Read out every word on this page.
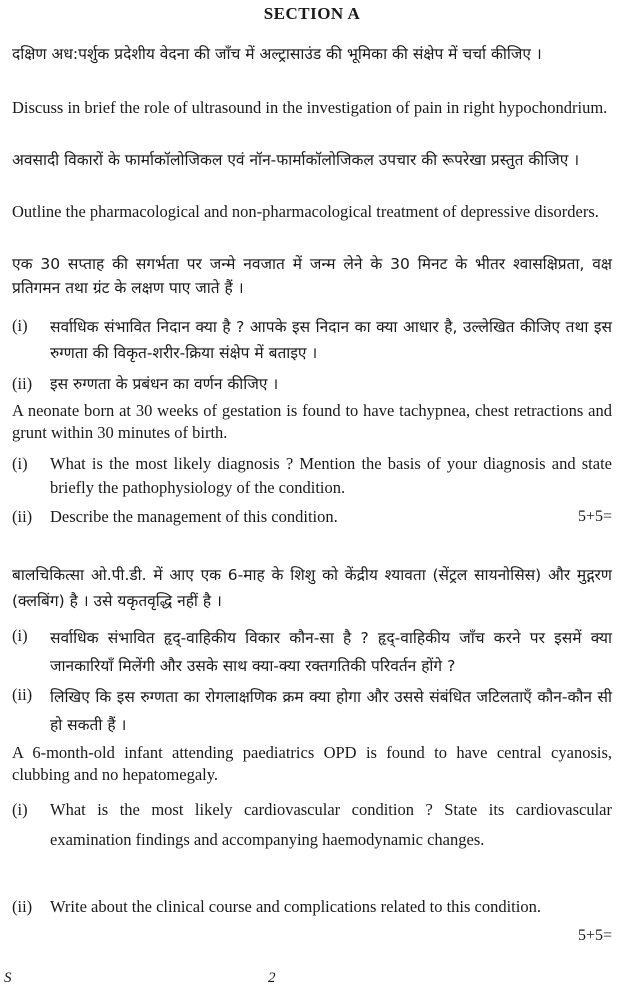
SECTION A
दक्षिण अध:पर्शुक प्रदेशीय वेदना की जाँच में अल्ट्रासाउंड की भूमिका की संक्षेप में चर्चा कीजिए ।
Discuss in brief the role of ultrasound in the investigation of pain in right hypochondrium.
अवसादी विकारों के फार्माकॉलोजिकल एवं नॉन-फार्माकॉलोजिकल उपचार की रूपरेखा प्रस्तुत कीजिए ।
Outline the pharmacological and non-pharmacological treatment of depressive disorders.
एक 30 सप्ताह की सगर्भता पर जन्मे नवजात में जन्म लेने के 30 मिनट के भीतर श्वासक्षिप्रता, वक्ष प्रतिगमन तथा ग्रंट के लक्षण पाए जाते हैं ।
(i)	सर्वाधिक संभावित निदान क्या है ? आपके इस निदान का क्या आधार है, उल्लेखित कीजिए तथा इस रुग्णता की विकृत-शरीर-क्रिया संक्षेप में बताइए ।
(ii)	इस रुग्णता के प्रबंधन का वर्णन कीजिए ।
A neonate born at 30 weeks of gestation is found to have tachypnea, chest retractions and grunt within 30 minutes of birth.
(i)	What is the most likely diagnosis ? Mention the basis of your diagnosis and state briefly the pathophysiology of the condition.
(ii)	Describe the management of this condition.	5+5=
बालचिकित्सा ओ.पी.डी. में आए एक 6-माह के शिशु को केंद्रीय श्यावता (सेंट्रल सायनोसिस) और मुद्गरण (क्लबिंग) है । उसे यकृतवृद्धि नहीं है ।
(i)	सर्वाधिक संभावित हृद्-वाहिकीय विकार कौन-सा है ? हृद्-वाहिकीय जाँच करने पर इसमें क्या जानकारियाँ मिलेंगी और उसके साथ क्या-क्या रक्तगतिकी परिवर्तन होंगे ?
(ii)	लिखिए कि इस रुग्णता का रोगलाक्षणिक क्रम क्या होगा और उससे संबंधित जटिलताएँ कौन-कौन सी हो सकती हैं ।
A 6-month-old infant attending paediatrics OPD is found to have central cyanosis, clubbing and no hepatomegaly.
(i)	What is the most likely cardiovascular condition ? State its cardiovascular examination findings and accompanying haemodynamic changes.
(ii)	Write about the clinical course and complications related to this condition.
5+5=
S	2
